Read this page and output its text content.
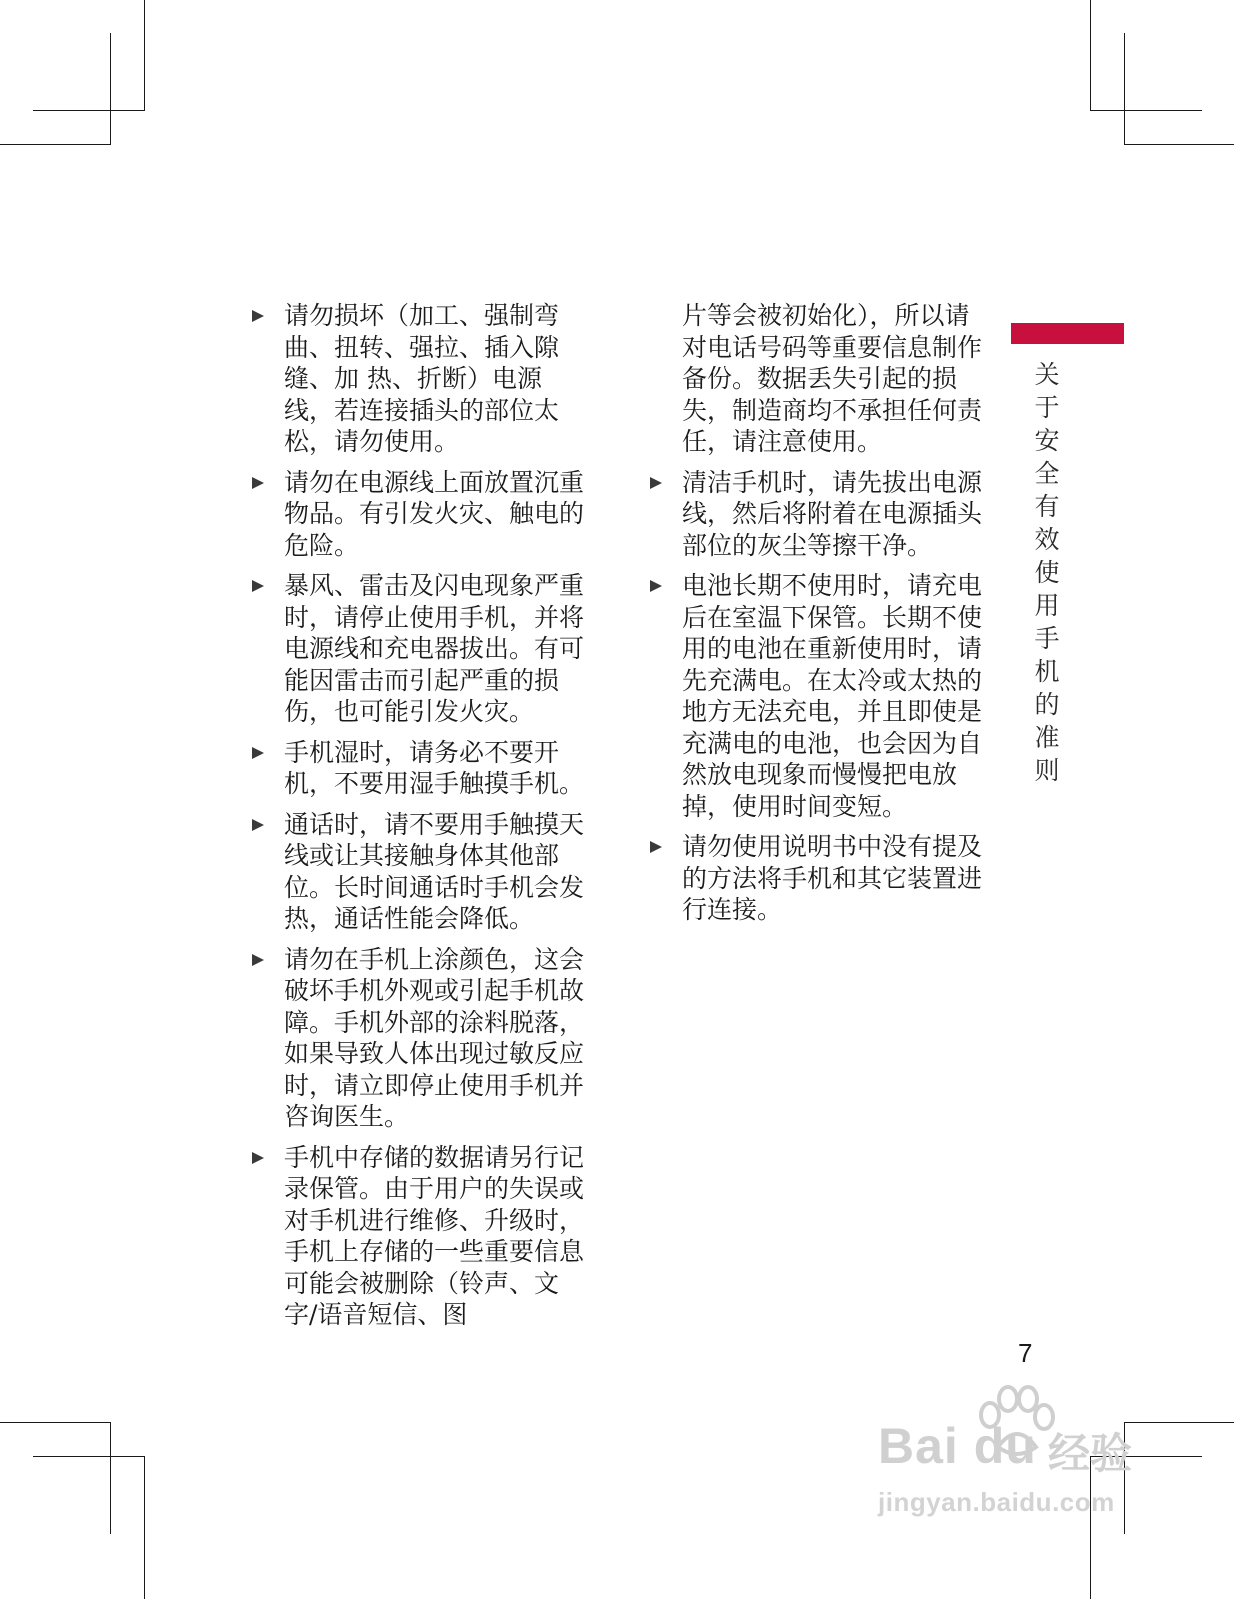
请勿损坏（加工、强制弯曲、扭转、强拉、插入隙缝、加 热、折断）电源线，若连接插头的部位太松，请勿使用。
请勿在电源线上面放置沉重物品。有引发火灾、触电的危险。
暴风、雷击及闪电现象严重时，请停止使用手机，并将电源线和充电器拔出。有可能因雷击而引起严重的损伤，也可能引发火灾。
手机湿时，请务必不要开机，不要用湿手触摸手机。
通话时，请不要用手触摸天线或让其接触身体其他部位。长时间通话时手机会发热，通话性能会降低。
请勿在手机上涂颜色，这会破坏手机外观或引起手机故障。手机外部的涂料脱落，如果导致人体出现过敏反应时，请立即停止使用手机并咨询医生。
手机中存储的数据请另行记录保管。由于用户的失误或对手机进行维修、升级时，手机上存储的一些重要信息可能会被删除（铃声、文字/语音短信、图
片等会被初始化），所以请对电话号码等重要信息制作备份。数据丢失引起的损失，制造商均不承担任何责任，请注意使用。
清洁手机时，请先拔出电源线，然后将附着在电源插头部位的灰尘等擦干净。
电池长期不使用时，请充电后在室温下保管。长期不使用的电池在重新使用时，请先充满电。在太冷或太热的地方无法充电，并且即使是充满电的电池，也会因为自然放电现象而慢慢把电放掉，使用时间变短。
请勿使用说明书中没有提及的方法将手机和其它装置进行连接。
关于安全有效使用手机的准则
7
Bai du 经验
jingyan.baidu.com
